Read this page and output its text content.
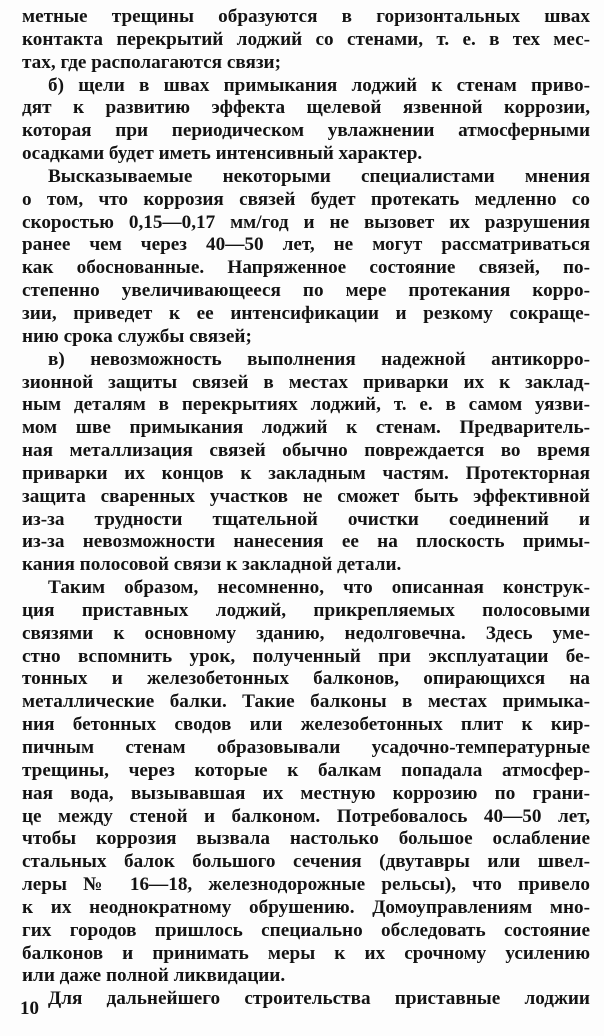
метные трещины образуются в горизонтальных швах
контакта перекрытий лоджий со стенами, т. е. в тех мес-
тах, где располагаются связи;
б) щели в швах примыкания лоджий к стенам приво-
дят к развитию эффекта щелевой язвенной коррозии,
которая при периодическом увлажнении атмосферными
осадками будет иметь интенсивный характер.
Высказываемые некоторыми специалистами мнения
о том, что коррозия связей будет протекать медленно со
скоростью 0,15—0,17 мм/год и не вызовет их разрушения
ранее чем через 40—50 лет, не могут рассматриваться
как обоснованные. Напряженное состояние связей, по-
степенно увеличивающееся по мере протекания корро-
зии, приведет к ее интенсификации и резкому сокраще-
нию срока службы связей;
в) невозможность выполнения надежной антикорро-
зионной защиты связей в местах приварки их к заклад-
ным деталям в перекрытиях лоджий, т. е. в самом уязви-
мом шве примыкания лоджий к стенам. Предваритель-
ная металлизация связей обычно повреждается во время
приварки их концов к закладным частям. Протекторная
защита сваренных участков не сможет быть эффективной
из-за трудности тщательной очистки соединений и
из-за невозможности нанесения ее на плоскость примы-
кания полосовой связи к закладной детали.
Таким образом, несомненно, что описанная конструк-
ция приставных лоджий, прикрепляемых полосовыми
связями к основному зданию, недолговечна. Здесь уме-
стно вспомнить урок, полученный при эксплуатации бе-
тонных и железобетонных балконов, опирающихся на
металлические балки. Такие балконы в местах примыка-
ния бетонных сводов или железобетонных плит к кир-
пичным стенам образовывали усадочно-температурные
трещины, через которые к балкам попадала атмосфер-
ная вода, вызывавшая их местную коррозию по грани-
це между стеной и балконом. Потребовалось 40—50 лет,
чтобы коррозия вызвала настолько большое ослабление
стальных балок большого сечения (двутавры или швел-
леры № 16—18, железнодорожные рельсы), что привело
к их неоднократному обрушению. Домоуправлениям мно-
гих городов пришлось специально обследовать состояние
балконов и принимать меры к их срочному усилению
или даже полной ликвидации.
Для дальнейшего строительства приставные лоджии
10
